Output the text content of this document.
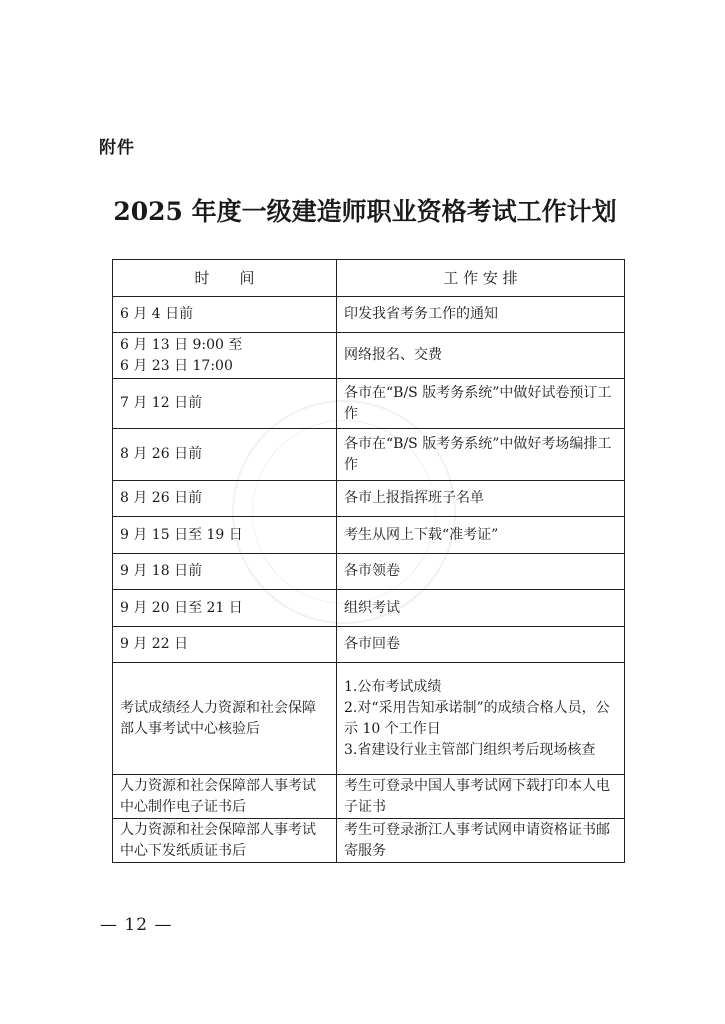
附件
2025 年度一级建造师职业资格考试工作计划
时　　间	工 作 安 排
6 月 4 日前	印发我省考务工作的通知
6 月 13 日 9:00 至
6 月 23 日 17:00	网络报名、交费
7 月 12 日前	各市在“B/S 版考务系统”中做好试卷预订工作
8 月 26 日前	各市在“B/S 版考务系统”中做好考场编排工作
8 月 26 日前	各市上报指挥班子名单
9 月 15 日至 19 日	考生从网上下载“准考证”
9 月 18 日前	各市领卷
9 月 20 日至 21 日	组织考试
9 月 22 日	各市回卷
考试成绩经人力资源和社会保障部人事考试中心核验后	1.公布考试成绩
2.对“采用告知承诺制”的成绩合格人员，公示 10 个工作日
3.省建设行业主管部门组织考后现场核查
人力资源和社会保障部人事考试中心制作电子证书后	考生可登录中国人事考试网下载打印本人电子证书
人力资源和社会保障部人事考试中心下发纸质证书后	考生可登录浙江人事考试网申请资格证书邮寄服务
— 12 —
